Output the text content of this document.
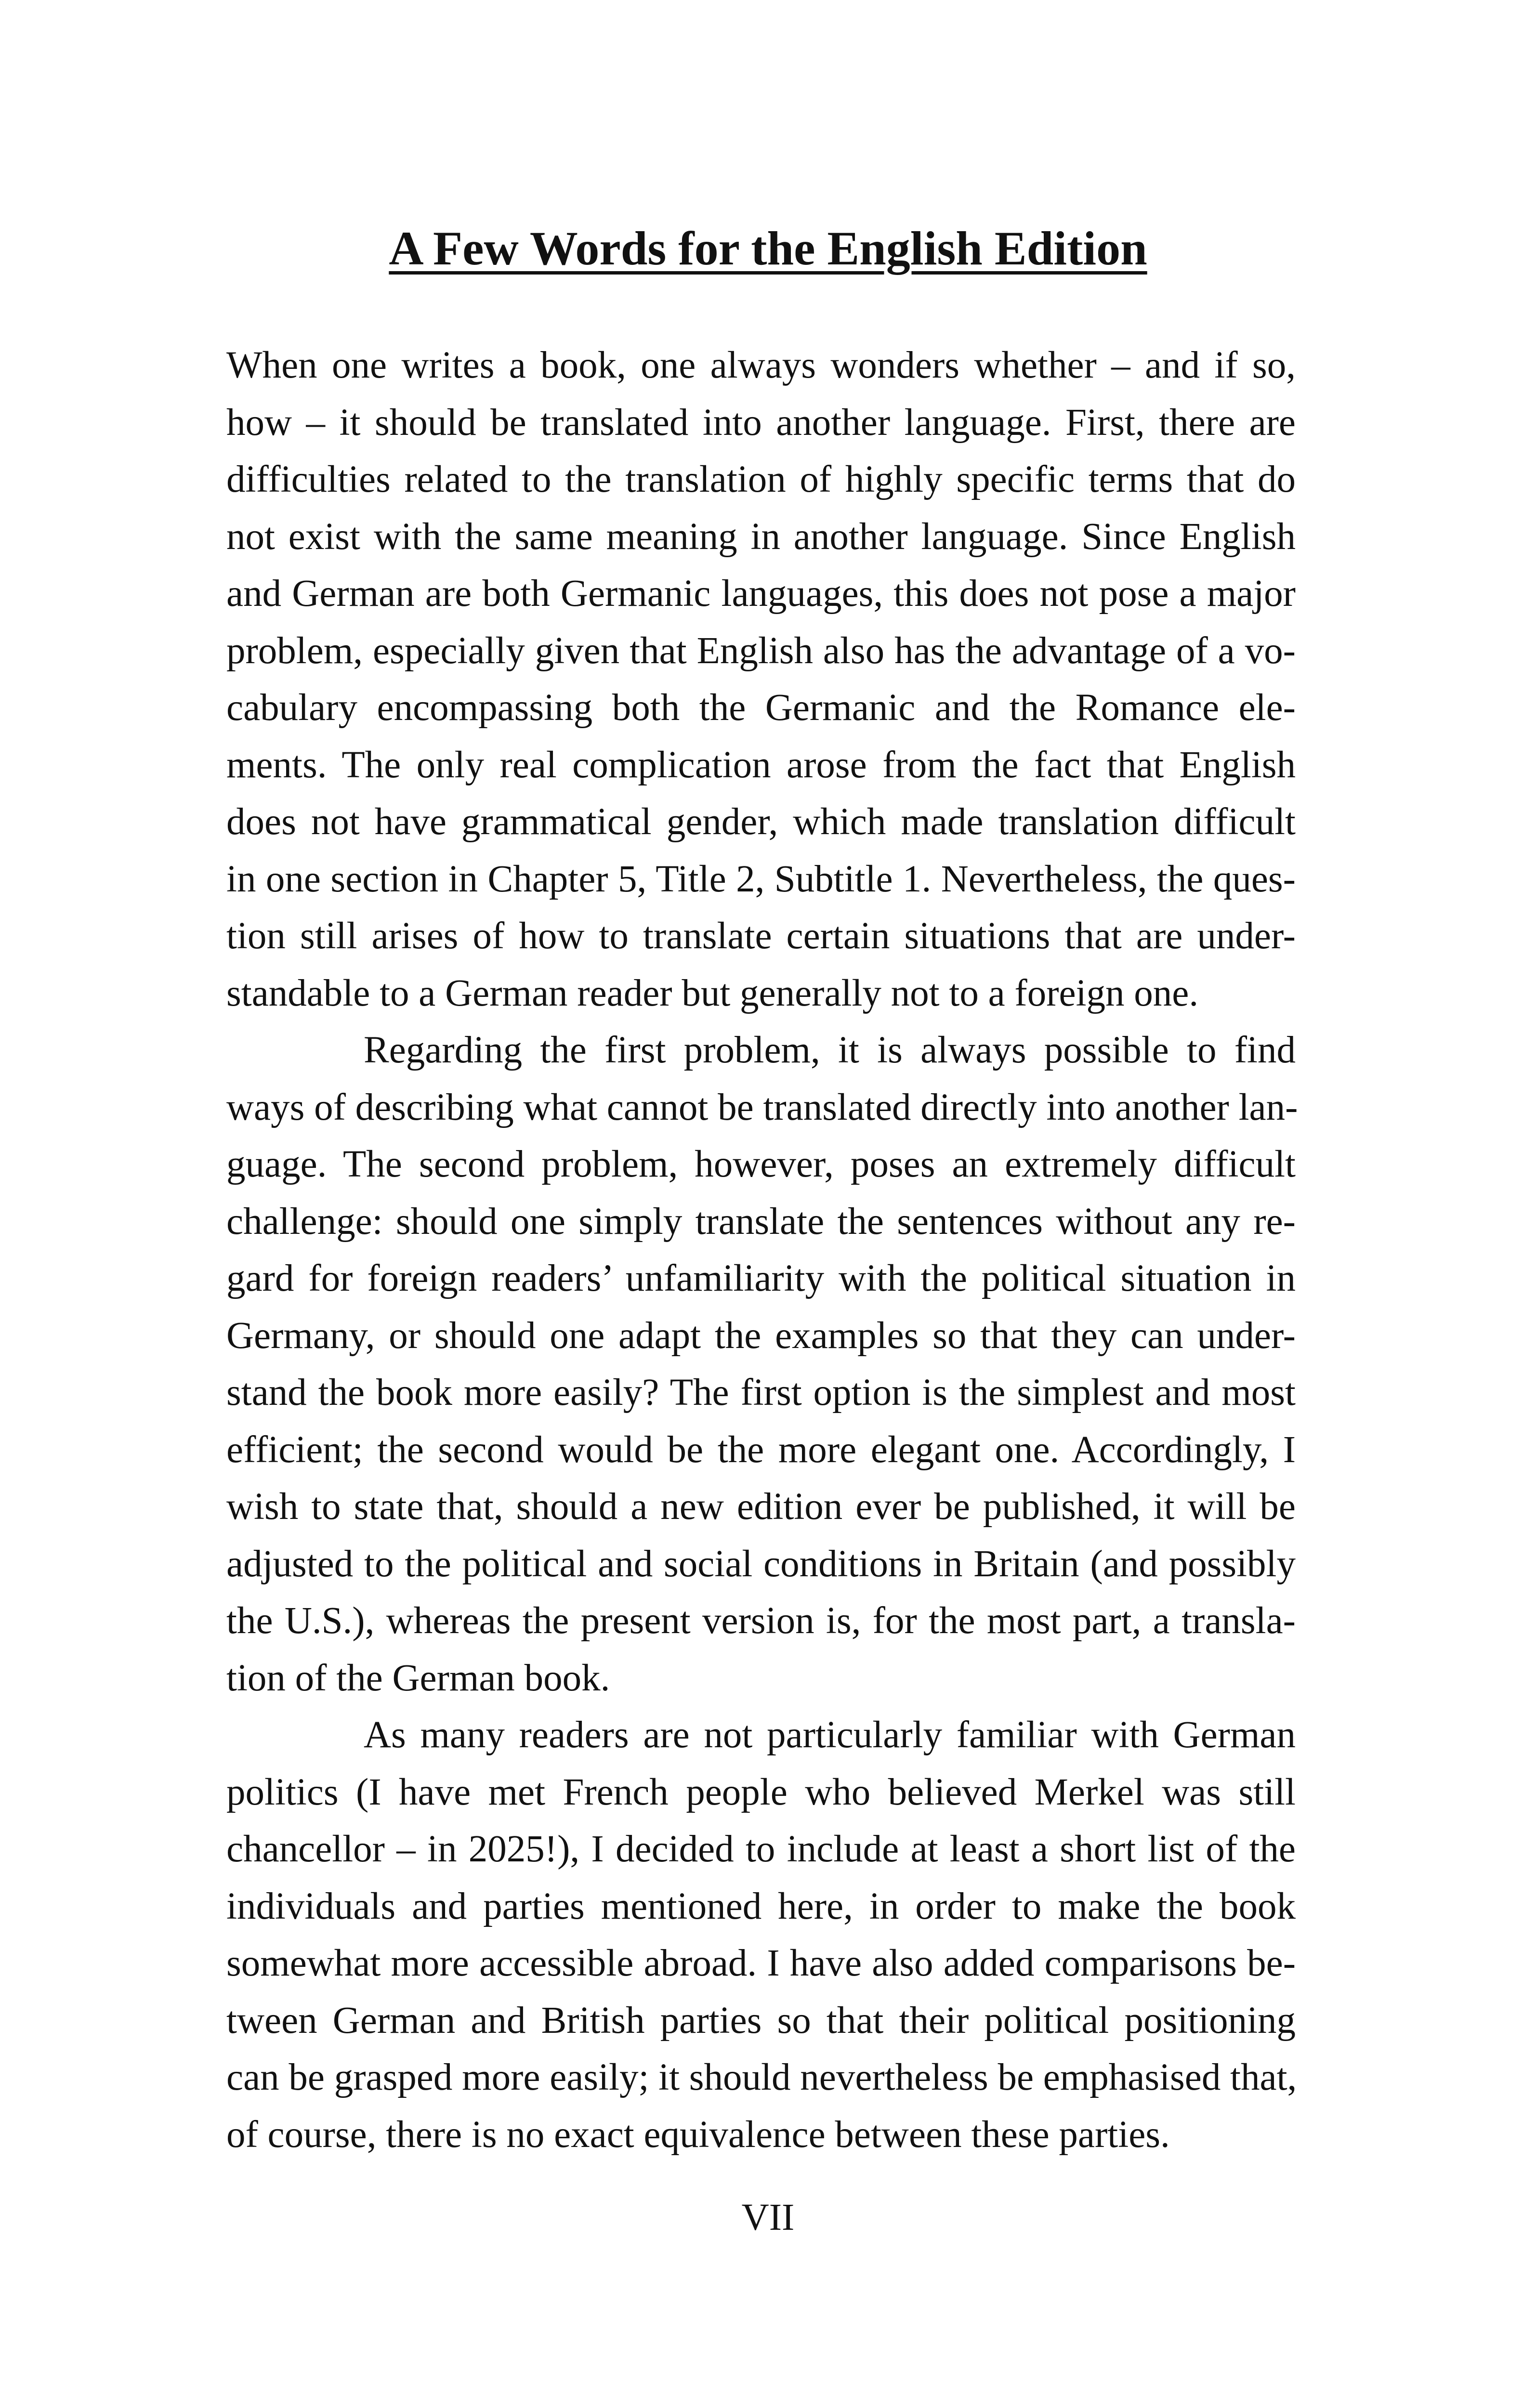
A Few Words for the English Edition

When one writes a book, one always wonders whether – and if so,
how – it should be translated into another language. First, there are
difficulties related to the translation of highly specific terms that do
not exist with the same meaning in another language. Since English
and German are both Germanic languages, this does not pose a major
problem, especially given that English also has the advantage of a vo-
cabulary encompassing both the Germanic and the Romance ele-
ments. The only real complication arose from the fact that English
does not have grammatical gender, which made translation difficult
in one section in Chapter 5, Title 2, Subtitle 1. Nevertheless, the ques-
tion still arises of how to translate certain situations that are under-
standable to a German reader but generally not to a foreign one.

Regarding the first problem, it is always possible to find
ways of describing what cannot be translated directly into another lan-
guage. The second problem, however, poses an extremely difficult
challenge: should one simply translate the sentences without any re-
gard for foreign readers’ unfamiliarity with the political situation in
Germany, or should one adapt the examples so that they can under-
stand the book more easily? The first option is the simplest and most
efficient; the second would be the more elegant one. Accordingly, I
wish to state that, should a new edition ever be published, it will be
adjusted to the political and social conditions in Britain (and possibly
the U.S.), whereas the present version is, for the most part, a transla-
tion of the German book.

As many readers are not particularly familiar with German
politics (I have met French people who believed Merkel was still
chancellor – in 2025!), I decided to include at least a short list of the
individuals and parties mentioned here, in order to make the book
somewhat more accessible abroad. I have also added comparisons be-
tween German and British parties so that their political positioning
can be grasped more easily; it should nevertheless be emphasised that,
of course, there is no exact equivalence between these parties.

VII
